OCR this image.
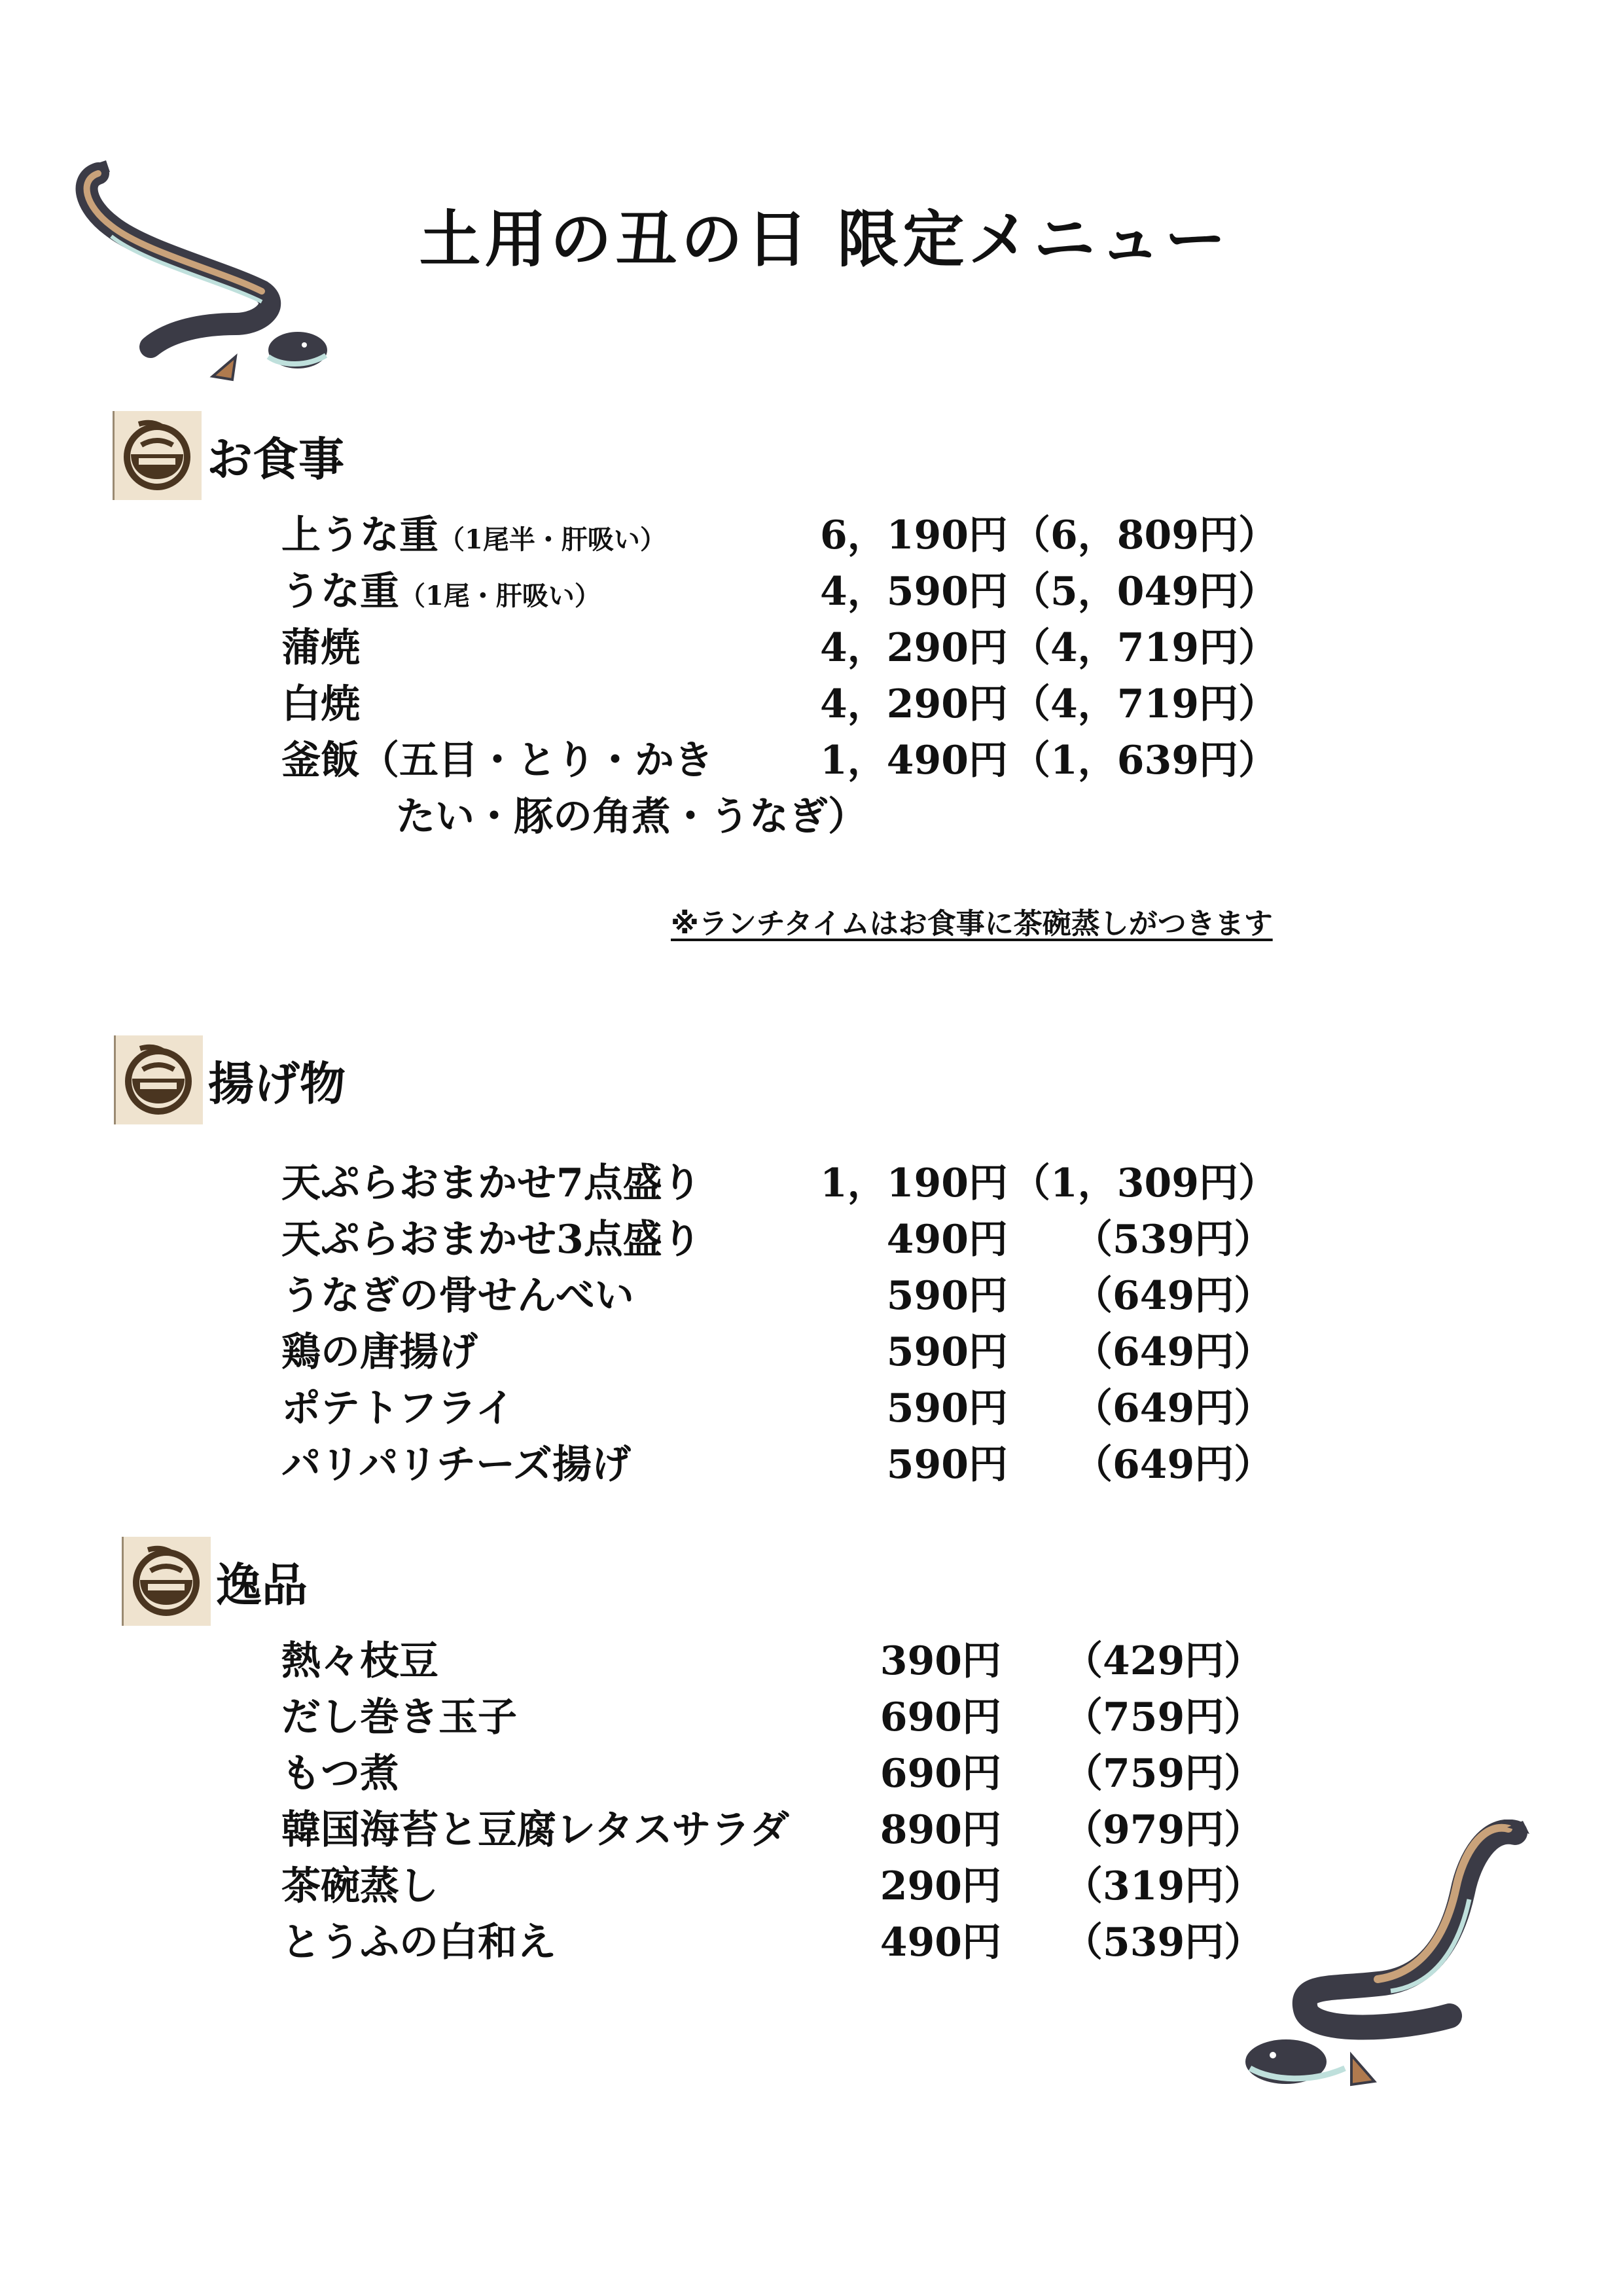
土用の丑の日 限定メニュー
お食事
上うな重（1尾半・肝吸い）	6，190円 （6，809円）
うな重（1尾・肝吸い）	4，590円 （5，049円）
蒲焼	4，290円 （4，719円）
白焼	4，290円 （4，719円）
釜飯（五目・とり・かき	1，490円 （1，639円）
たい・豚の角煮・うなぎ）
※ランチタイムはお食事に茶碗蒸しがつきます
揚げ物
天ぷらおまかせ7点盛り	1，190円 （1，309円）
天ぷらおまかせ3点盛り	490円 （539円）
うなぎの骨せんべい	590円 （649円）
鶏の唐揚げ	590円 （649円）
ポテトフライ	590円 （649円）
パリパリチーズ揚げ	590円 （649円）
逸品
熱々枝豆	390円 （429円）
だし巻き玉子	690円 （759円）
もつ煮	690円 （759円）
韓国海苔と豆腐レタスサラダ 890円 （979円）
茶碗蒸し	290円 （319円）
とうふの白和え	490円 （539円）
